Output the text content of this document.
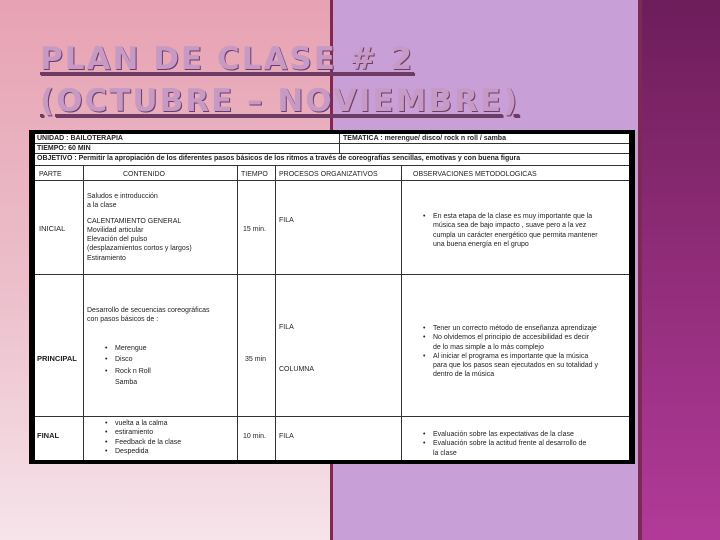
PLAN DE CLASE # 2 (OCTUBRE – NOVIEMBRE)
UNIDAD : BAILOTERAPIA	TEMATICA : merengue/ disco/ rock n roll / samba
TIEMPO: 60 MIN
OBJETIVO : Permitir la apropiación de los diferentes pasos básicos de los ritmos a través de coreografías sencillas, emotivas y con buena figura
PARTE	CONTENIDO	TIEMPO PROCESOS ORGANIZATIVOS	OBSERVACIONES METODOLOGICAS
INICIAL
Saludos e introducción
a la clase
CALENTAMIENTO GENERAL
Movilidad articular
Elevación del pulso
(desplazamientos cortos y largos)
Estiramiento
15 min.
FILA
• En esta etapa de la clase es muy importante que la
música sea de bajo impacto , suave pero a la vez
cumpla un carácter energético que permita mantener
una buena energía en el grupo
PRINCIPAL
Desarrollo de secuencias coreográficas
con pasos básicos de :
• Merengue
• Disco
• Rock n Roll
Samba
35 min
FILA
COLUMNA
• Tener un correcto método de enseñanza aprendizaje
• No olvidemos el principio de accesibilidad es decir
de lo mas simple a lo más complejo
• Al iniciar el programa es importante que la música
para que los pasos sean ejecutados en su totalidad y
dentro de la música
FINAL
• vuelta a la calma
• estiramiento
• Feedback de la clase
• Despedida
10 min. FILA
•	Evaluación sobre las expectativas de la clase
• Evaluación sobre la actitud frente al desarrollo de
la clase
